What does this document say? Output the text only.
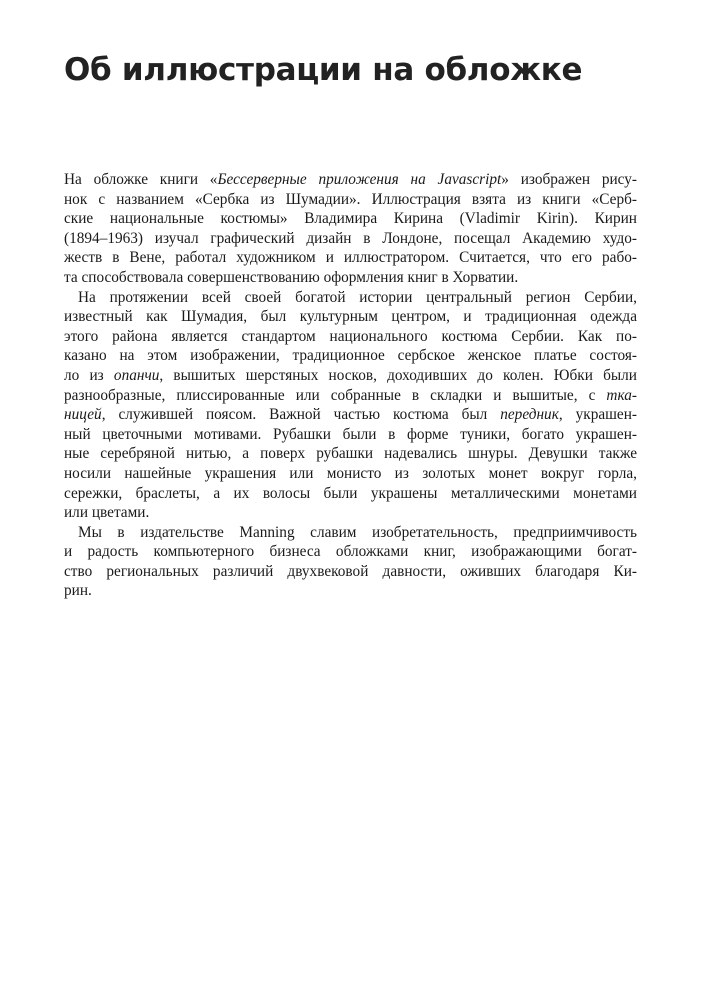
Об иллюстрации на обложке
На обложке книги «Бессерверные приложения на Javascript» изображен рису-
нок с названием «Сербка из Шумадии». Иллюстрация взята из книги «Серб-
ские национальные костюмы» Владимира Кирина (Vladimir Kirin). Кирин
(1894–1963) изучал графический дизайн в Лондоне, посещал Академию худо-
жеств в Вене, работал художником и иллюстратором. Считается, что его рабо-
та способствовала совершенствованию оформления книг в Хорватии.
На протяжении всей своей богатой истории центральный регион Сербии,
известный как Шумадия, был культурным центром, и традиционная одежда
этого района является стандартом национального костюма Сербии. Как по-
казано на этом изображении, традиционное сербское женское платье состоя-
ло из опанчи, вышитых шерстяных носков, доходивших до колен. Юбки были
разнообразные, плиссированные или собранные в складки и вышитые, с тка-
ницей, служившей поясом. Важной частью костюма был передник, украшен-
ный цветочными мотивами. Рубашки были в форме туники, богато украшен-
ные серебряной нитью, а поверх рубашки надевались шнуры. Девушки также
носили нашейные украшения или монисто из золотых монет вокруг горла,
сережки, браслеты, а их волосы были украшены металлическими монетами
или цветами.
Мы в издательстве Manning славим изобретательность, предприимчивость
и радость компьютерного бизнеса обложками книг, изображающими богат-
ство региональных различий двухвековой давности, оживших благодаря Ки-
рин.
